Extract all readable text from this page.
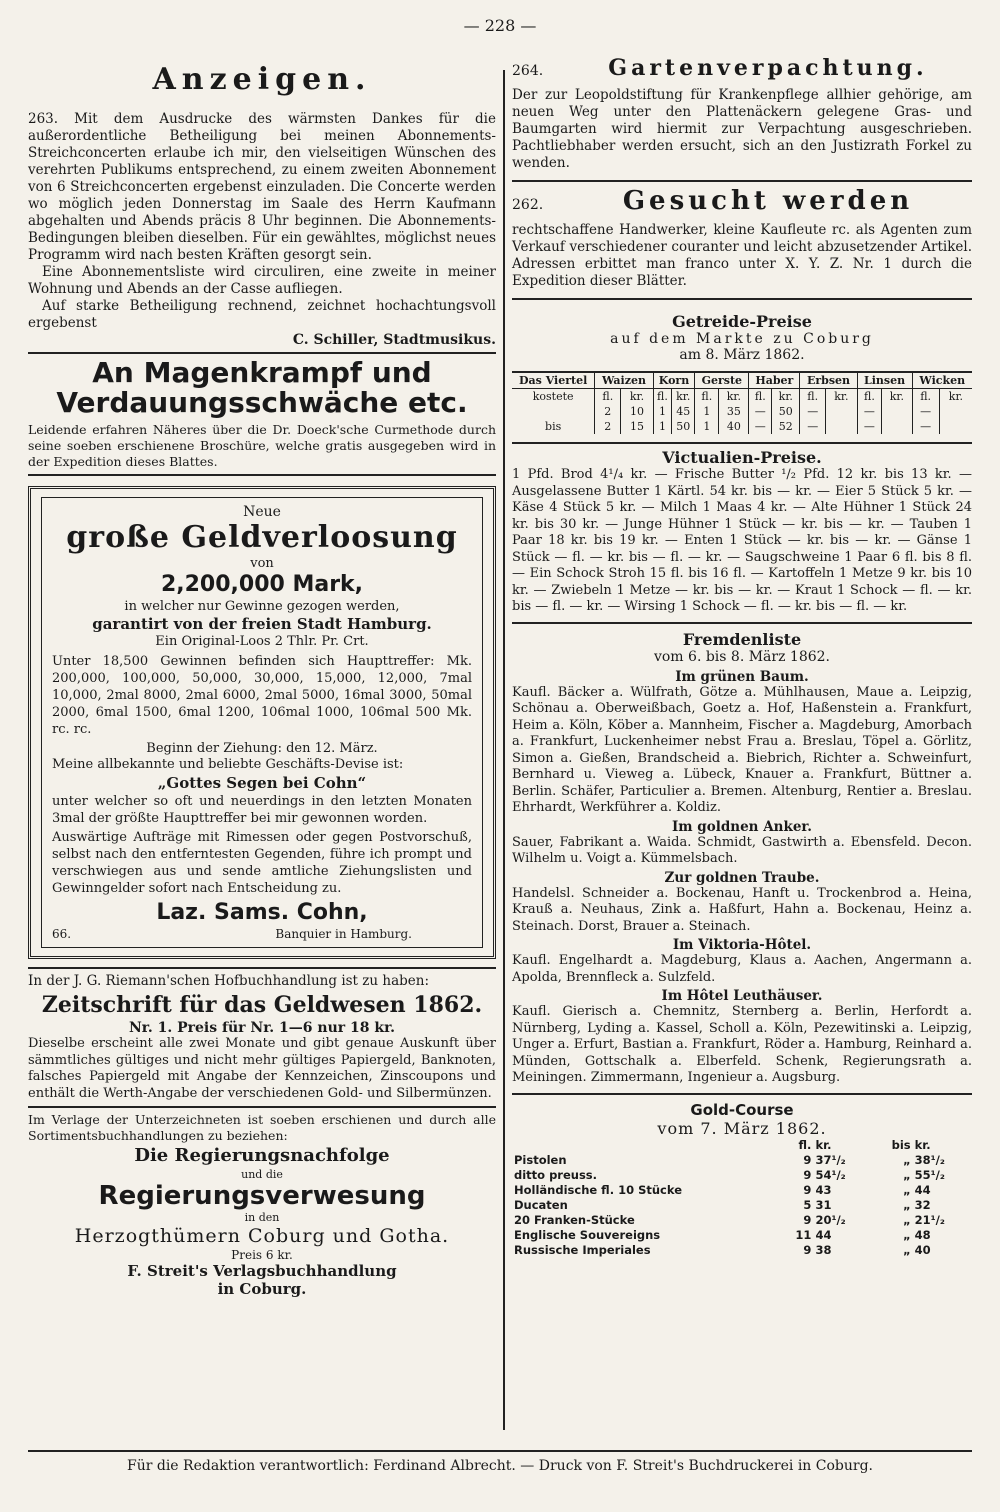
— 228 —
Anzeigen.

263. Mit dem Ausdrucke des wärmsten Dankes für die außerordentliche Betheiligung bei meinen Abonnements-Streichconcerten erlaube ich mir, den vielseitigen Wünschen des verehrten Publikums entsprechend, zu einem zweiten Abonnement von 6 Streichconcerten ergebenst einzuladen. Die Concerte werden wo möglich jeden Donnerstag im Saale des Herrn Kaufmann abgehalten und Abends präcis 8 Uhr beginnen. Die Abonnements-Bedingungen bleiben dieselben. Für ein gewähltes, möglichst neues Programm wird nach besten Kräften gesorgt sein.

Eine Abonnementsliste wird circuliren, eine zweite in meiner Wohnung und Abends an der Casse aufliegen.

Auf starke Betheiligung rechnend, zeichnet hochachtungsvoll ergebenst

C. Schiller, Stadtmusikus.
An Magenkrampf und Verdauungsschwäche etc.

Leidende erfahren Näheres über die Dr. Doeck'sche Curmethode durch seine soeben erschienene Broschüre, welche gratis ausgegeben wird in der Expedition dieses Blattes.

Neue
große Geldverloosung
von
2,200,000 Mark,
in welcher nur Gewinne gezogen werden,
garantirt von der freien Stadt Hamburg.
Ein Original-Loos 2 Thlr. Pr. Crt.

Unter 18,500 Gewinnen befinden sich Haupttreffer: Mk. 200,000, 100,000, 50,000, 30,000, 15,000, 12,000, 7mal 10,000, 2mal 8000, 2mal 6000, 2mal 5000, 16mal 3000, 50mal 2000, 6mal 1500, 6mal 1200, 106mal 1000, 106mal 500 Mk. rc. rc.

Beginn der Ziehung: den 12. März.

Meine allbekannte und beliebte Geschäfts-Devise ist:

„Gottes Segen bei Cohn“

unter welcher so oft und neuerdings in den letzten Monaten 3mal der größte Haupttreffer bei mir gewonnen worden.

Auswärtige Aufträge mit Rimessen oder gegen Postvorschuß, selbst nach den entferntesten Gegenden, führe ich prompt und verschwiegen aus und sende amtliche Ziehungslisten und Gewinngelder sofort nach Entscheidung zu.

Laz. Sams. Cohn,
66.	Banquier in Hamburg.

In der J. G. Riemann'schen Hofbuchhandlung ist zu haben:

Zeitschrift für das Geldwesen 1862.
Nr. 1. Preis für Nr. 1—6 nur 18 kr.

Dieselbe erscheint alle zwei Monate und gibt genaue Auskunft über sämmtliches gültiges und nicht mehr gültiges Papiergeld, Banknoten, falsches Papiergeld mit Angabe der Kennzeichen, Zinscoupons und enthält die Werth-Angabe der verschiedenen Gold- und Silbermünzen.

Im Verlage der Unterzeichneten ist soeben erschienen und durch alle Sortimentsbuchhandlungen zu beziehen:

Die Regierungsnachfolge
und die
Regierungsverwesung
in den
Herzogthümern Coburg und Gotha.
Preis 6 kr.
F. Streit's Verlagsbuchhandlung
in Coburg.
264.	Gartenverpachtung.

Der zur Leopoldstiftung für Krankenpflege allhier gehörige, am neuen Weg unter den Plattenäckern gelegene Gras- und Baumgarten wird hiermit zur Verpachtung ausgeschrieben. Pachtliebhaber werden ersucht, sich an den Justizrath Forkel zu wenden.

262.	Gesucht werden

rechtschaffene Handwerker, kleine Kaufleute rc. als Agenten zum Verkauf verschiedener couranter und leicht abzusetzender Artikel. Adressen erbittet man franco unter X. Y. Z. Nr. 1 durch die Expedition dieser Blätter.

Getreide-Preise
auf dem Markte zu Coburg
am 8. März 1862.
Das Viertel	Waizen		Korn		Gerste		Haber		Erbsen		Linsen		Wicken	
kostete	fl.	kr.	fl.	kr.	fl.	kr.	fl.	kr.	fl.	kr.	fl.	kr.	fl.	kr.
	2	10	1	45	1	35	—	50	—		—		—	
bis	2	15	1	50	1	40	—	52	—		—		—	
Victualien-Preise.

1 Pfd. Brod 4¹/₄ kr. — Frische Butter ¹/₂ Pfd. 12 kr. bis 13 kr. — Ausgelassene Butter 1 Kärtl. 54 kr. bis — kr. — Eier 5 Stück 5 kr. — Käse 4 Stück 5 kr. — Milch 1 Maas 4 kr. — Alte Hühner 1 Stück 24 kr. bis 30 kr. — Junge Hühner 1 Stück — kr. bis — kr. — Tauben 1 Paar 18 kr. bis 19 kr. — Enten 1 Stück — kr. bis — kr. — Gänse 1 Stück — fl. — kr. bis — fl. — kr. — Saugschweine 1 Paar 6 fl. bis 8 fl. — Ein Schock Stroh 15 fl. bis 16 fl. — Kartoffeln 1 Metze 9 kr. bis 10 kr. — Zwiebeln 1 Metze — kr. bis — kr. — Kraut 1 Schock — fl. — kr. bis — fl. — kr. — Wirsing 1 Schock — fl. — kr. bis — fl. — kr.

Fremdenliste
vom 6. bis 8. März 1862.
Im grünen Baum.

Kaufl. Bäcker a. Wülfrath, Götze a. Mühlhausen, Maue a. Leipzig, Schönau a. Oberweißbach, Goetz a. Hof, Haßenstein a. Frankfurt, Heim a. Köln, Köber a. Mannheim, Fischer a. Magdeburg, Amorbach a. Frankfurt, Luckenheimer nebst Frau a. Breslau, Töpel a. Görlitz, Simon a. Gießen, Brandscheid a. Biebrich, Richter a. Schweinfurt, Bernhard u. Vieweg a. Lübeck, Knauer a. Frankfurt, Büttner a. Berlin. Schäfer, Particulier a. Bremen. Altenburg, Rentier a. Breslau. Ehrhardt, Werkführer a. Koldiz.

Im goldnen Anker.

Sauer, Fabrikant a. Waida. Schmidt, Gastwirth a. Ebensfeld. Decon. Wilhelm u. Voigt a. Kümmelsbach.

Zur goldnen Traube.

Handelsl. Schneider a. Bockenau, Hanft u. Trockenbrod a. Heina, Krauß a. Neuhaus, Zink a. Haßfurt, Hahn a. Bockenau, Heinz a. Steinach. Dorst, Brauer a. Steinach.

Im Viktoria-Hôtel.

Kaufl. Engelhardt a. Magdeburg, Klaus a. Aachen, Angermann a. Apolda, Brennfleck a. Sulzfeld.

Im Hôtel Leuthäuser.

Kaufl. Gierisch a. Chemnitz, Sternberg a. Berlin, Herfordt a. Nürnberg, Lyding a. Kassel, Scholl a. Köln, Pezewitinski a. Leipzig, Unger a. Erfurt, Bastian a. Frankfurt, Röder a. Hamburg, Reinhard a. Münden, Gottschalk a. Elberfeld. Schenk, Regierungsrath a. Meiningen. Zimmermann, Ingenieur a. Augsburg.

Gold-Course
vom 7. März 1862.
	fl.	kr.	bis	kr.
Pistolen	9	37¹/₂	„	38¹/₂
ditto preuss.	9	54¹/₂	„	55¹/₂
Holländische fl. 10 Stücke	9	43	„	44
Ducaten	5	31	„	32
20 Franken-Stücke	9	20¹/₂	„	21¹/₂
Englische Souvereigns	11	44	„	48
Russische Imperiales	9	38	„	40
Für die Redaktion verantwortlich: Ferdinand Albrecht. — Druck von F. Streit's Buchdruckerei in Coburg.
